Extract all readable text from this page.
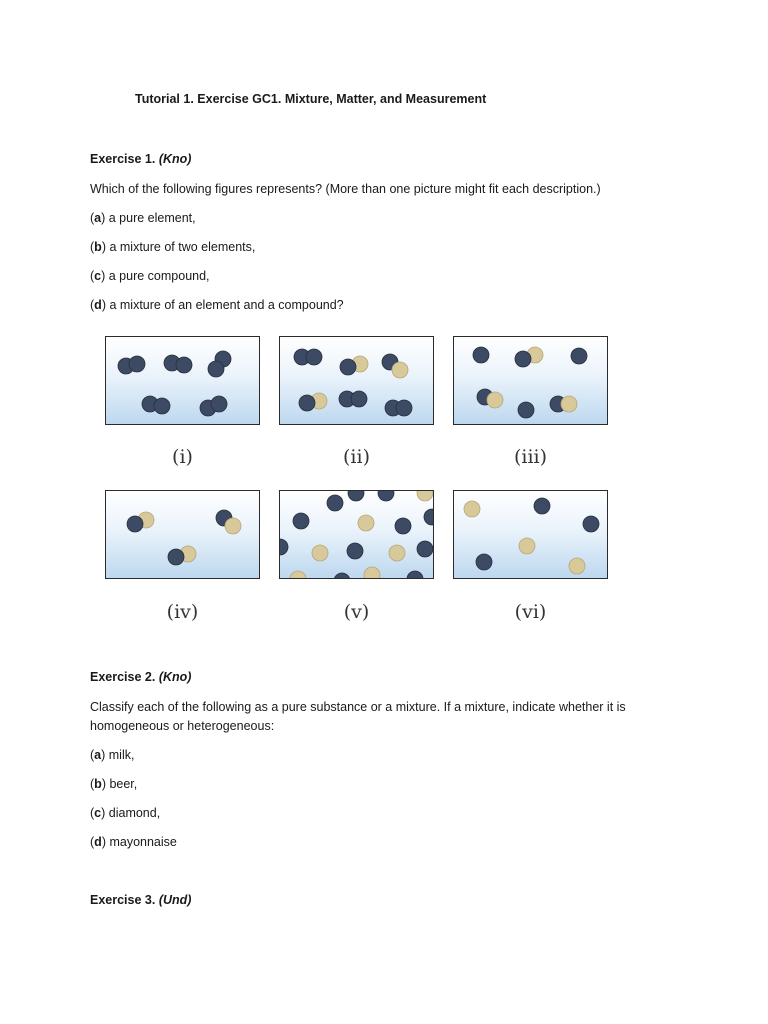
Tutorial 1. Exercise GC1. Mixture, Matter, and Measurement
Exercise 1. (Kno)
Which of the following figures represents? (More than one picture might fit each description.)
(a) a pure element,
(b) a mixture of two elements,
(c) a pure compound,
(d) a mixture of an element and a compound?
(i)	(ii)	(iii)
(iv)	(v)	(vi)
Exercise 2. (Kno)
Classify each of the following as a pure substance or a mixture. If a mixture, indicate whether it is homogeneous or heterogeneous:
(a) milk,
(b) beer,
(c) diamond,
(d) mayonnaise
Exercise 3. (Und)
